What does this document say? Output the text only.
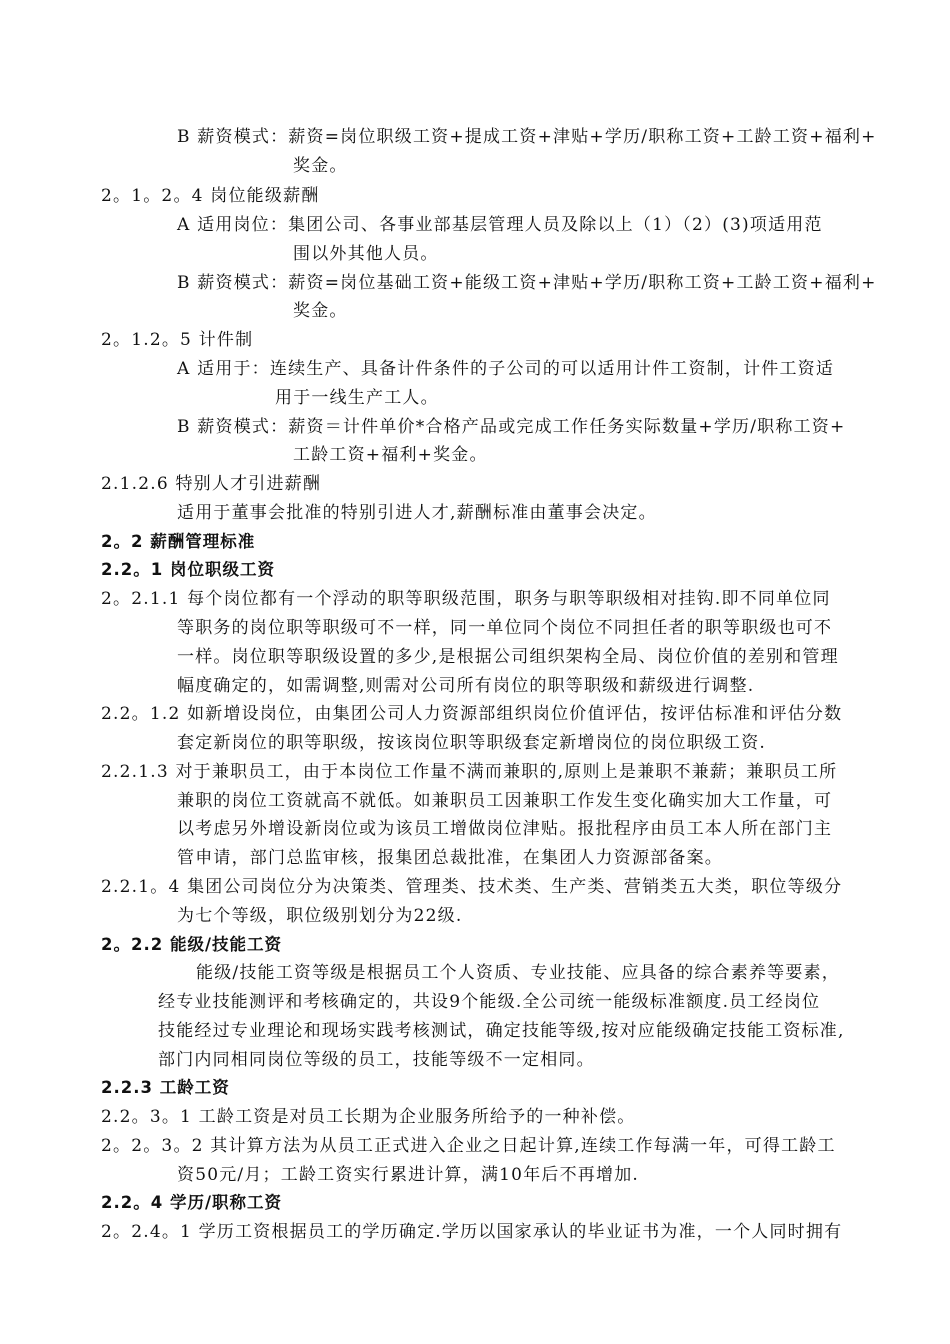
B 薪资模式：薪资=岗位职级工资+提成工资+津贴+学历/职称工资+工龄工资+福利+
奖金。
2。1。2。4 岗位能级薪酬
A 适用岗位：集团公司、各事业部基层管理人员及除以上（1）（2）(3)项适用范
围以外其他人员。
B 薪资模式：薪资=岗位基础工资+能级工资+津贴+学历/职称工资+工龄工资+福利+
奖金。
2。1.2。5 计件制
A 适用于：连续生产、具备计件条件的子公司的可以适用计件工资制，计件工资适
用于一线生产工人。
B 薪资模式：薪资＝计件单价*合格产品或完成工作任务实际数量+学历/职称工资+
工龄工资+福利+奖金。
2.1.2.6 特别人才引进薪酬
适用于董事会批准的特别引进人才,薪酬标准由董事会决定。
2。2 薪酬管理标准
2.2。1 岗位职级工资
2。2.1.1 每个岗位都有一个浮动的职等职级范围，职务与职等职级相对挂钩.即不同单位同
等职务的岗位职等职级可不一样，同一单位同个岗位不同担任者的职等职级也可不
一样。岗位职等职级设置的多少,是根据公司组织架构全局、岗位价值的差别和管理
幅度确定的，如需调整,则需对公司所有岗位的职等职级和薪级进行调整.
2.2。1.2 如新增设岗位，由集团公司人力资源部组织岗位价值评估，按评估标准和评估分数
套定新岗位的职等职级，按该岗位职等职级套定新增岗位的岗位职级工资.
2.2.1.3 对于兼职员工，由于本岗位工作量不满而兼职的,原则上是兼职不兼薪；兼职员工所
兼职的岗位工资就高不就低。如兼职员工因兼职工作发生变化确实加大工作量，可
以考虑另外增设新岗位或为该员工增做岗位津贴。报批程序由员工本人所在部门主
管申请，部门总监审核，报集团总裁批准，在集团人力资源部备案。
2.2.1。4 集团公司岗位分为决策类、管理类、技术类、生产类、营销类五大类，职位等级分
为七个等级，职位级别划分为22级.
2。2.2 能级/技能工资
能级/技能工资等级是根据员工个人资质、专业技能、应具备的综合素养等要素，
经专业技能测评和考核确定的，共设9个能级.全公司统一能级标准额度.员工经岗位
技能经过专业理论和现场实践考核测试，确定技能等级,按对应能级确定技能工资标准,
部门内同相同岗位等级的员工，技能等级不一定相同。
2.2.3 工龄工资
2.2。3。1 工龄工资是对员工长期为企业服务所给予的一种补偿。
2。2。3。2 其计算方法为从员工正式进入企业之日起计算,连续工作每满一年，可得工龄工
资50元/月；工龄工资实行累进计算，满10年后不再增加.
2.2。4 学历/职称工资
2。2.4。1 学历工资根据员工的学历确定.学历以国家承认的毕业证书为准，一个人同时拥有
